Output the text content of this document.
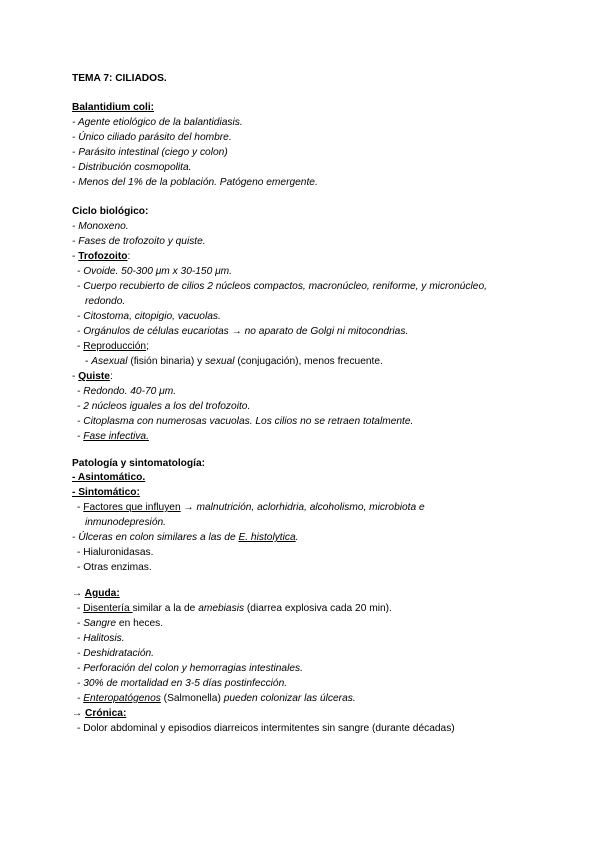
TEMA 7: CILIADOS.
Balantidium coli:
- Agente etiológico de la balantidiasis.
- Único ciliado parásito del hombre.
- Parásito intestinal (ciego y colon)
- Distribución cosmopolita.
- Menos del 1% de la población. Patógeno emergente.
Ciclo biológico:
- Monoxeno.
- Fases de trofozoito y quiste.
- Trofozoito:
- Ovoide. 50-300 μm x 30-150 μm.
- Cuerpo recubierto de cilios 2 núcleos compactos, macronúcleo, reniforme, y micronúcleo,
redondo.
- Citostoma, citopigio, vacuolas.
- Orgánulos de células eucariotas → no aparato de Golgi ni mitocondrias.
- Reproducción;
- Asexual (fisión binaria) y sexual (conjugación), menos frecuente.
- Quiste:
- Redondo. 40-70 μm.
- 2 núcleos iguales a los del trofozoito.
- Citoplasma con numerosas vacuolas. Los cilios no se retraen totalmente.
- Fase infectiva.
Patología y sintomatología:
- Asintomático.
- Sintomático:
- Factores que influyen → malnutrición, aclorhidria, alcoholismo, microbiota e
inmunodepresión.
- Úlceras en colon similares a las de E. histolytica.
- Hialuronidasas.
- Otras enzimas.
→ Aguda:
- Disentería similar a la de amebiasis (diarrea explosiva cada 20 min).
- Sangre en heces.
- Halitosis.
- Deshidratación.
- Perforación del colon y hemorragias intestinales.
- 30% de mortalidad en 3-5 días postinfección.
- Enteropatógenos (Salmonella) pueden colonizar las úlceras.
→ Crónica:
- Dolor abdominal y episodios diarreicos intermitentes sin sangre (durante décadas)
